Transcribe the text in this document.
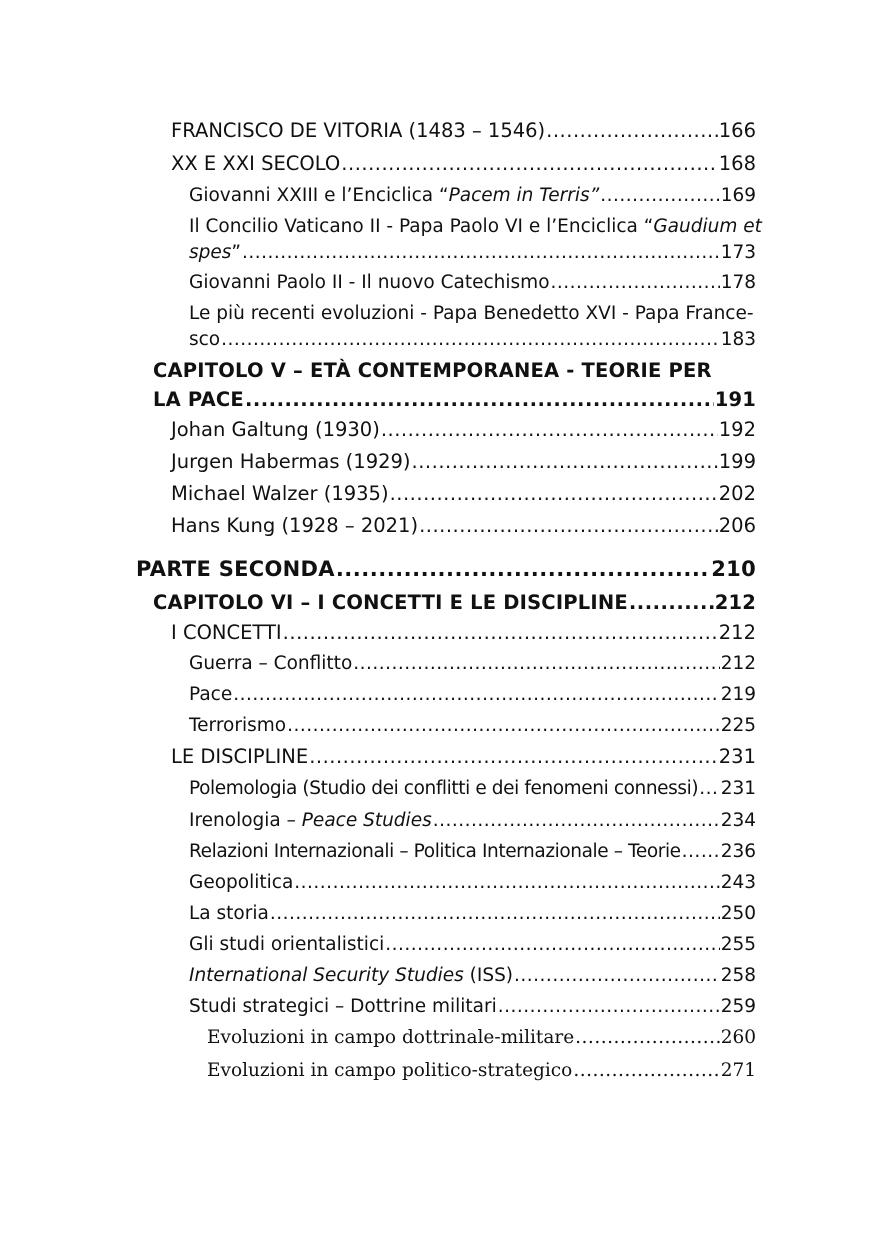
FRANCISCO DE VITORIA (1483 – 1546) .....	166
XX E XXI SECOLO .....	168
Giovanni XXIII e l’Enciclica “Pacem in Terris” .....	169
Il Concilio Vaticano II - Papa Paolo VI e l’Enciclica “Gaudium et
spes” .....	173
Giovanni Paolo II - Il nuovo Catechismo .....	178
Le più recenti evoluzioni - Papa Benedetto XVI - Papa France-
sco .....	183
CAPITOLO V – ETÀ CONTEMPORANEA - TEORIE PER
LA PACE .....	191
Johan Galtung (1930) .....	192
Jurgen Habermas (1929) .....	199
Michael Walzer (1935) .....	202
Hans Kung (1928 – 2021) .....	206
PARTE SECONDA .....	210
CAPITOLO VI – I CONCETTI E LE DISCIPLINE .....	212
I CONCETTI .....	212
Guerra – Conflitto .....	212
Pace .....	219
Terrorismo .....	225
LE DISCIPLINE .....	231
Polemologia (Studio dei conflitti e dei fenomeni connessi) ..... 231
Irenologia – Peace Studies .....	234
Relazioni Internazionali – Politica Internazionale – Teorie ..... 236
Geopolitica .....	243
La storia .....	250
Gli studi orientalistici .....	255
International Security Studies (ISS) .....	258
Studi strategici – Dottrine militari .....	259
Evoluzioni in campo dottrinale-militare .....	260
Evoluzioni in campo politico-strategico .....	271
